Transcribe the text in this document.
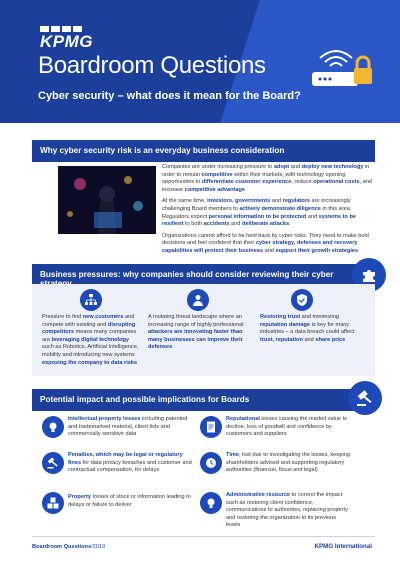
KPMG
Boardroom Questions
Cyber security – what does it mean for the Board?
Why cyber security risk is an everyday business consideration

Companies are under increasing pressure to adopt and deploy new technology in order to remain competitive within their markets, with technology opening opportunities to differentiate customer experience, reduce operational costs, and increase competitive advantage

At the same time, investors, governments and regulators are increasingly challenging Board members to actively demonstrate diligence in this area. Regulators expect personal information to be protected and systems to be resilient to both accidents and deliberate attacks.

Organizations cannot afford to be held back by cyber risks. They need to make bold decisions and feel confident that their cyber strategy, defenses and recovery capabilities will protect their business and support their growth strategies

Business pressures: why companies should consider reviewing their cyber
Pressure to find new customers and compete with existing and disrupting competitors means many companies are leveraging digital technology such as Robotics, Artificial Intelligence, mobility and introducing new systems exposing the company to data risks
A mutating threat landscape where an increasing range of highly professional attackers are innovating faster than many businesses can improve their defenses
Restoring trust and minimizing reputation damage is key for many industries – a data breach could affect trust, reputation and share price
Potential impact and possible implications for Boards
Intellectual property losses including patented and trademarked material, client lists and commercially sensitive data
Reputational losses causing the market value to decline, loss of goodwill and confidence by customers and suppliers
Penalties, which may be legal or regulatory fines for data privacy breaches and customer and contractual compensation, for delays
Time, lost due to investigating the losses, keeping shareholders advised and supporting regulatory authorities (financial, fiscal and legal)
Property losses of stock or information leading to delays or failure to deliver
Administrative resource to correct the impact such as restoring client confidence, communications to authorities, replacing property and restoring the organization to its previous levels
Boardroom Questions/2019	KPMG International
